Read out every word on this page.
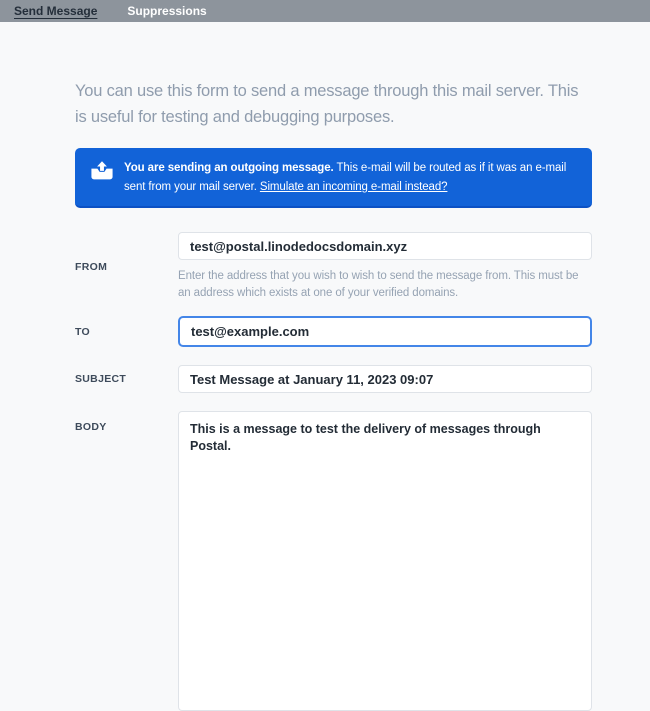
Send Message	Suppressions

You can use this form to send a message through this mail server. This is useful for testing and debugging purposes.

You are sending an outgoing message. This e-mail will be routed as if it was an e-mail sent from your mail server. Simulate an incoming e-mail instead?
FROM
test@postal.linodedocsdomain.xyz
Enter the address that you wish to wish to send the message from. This must be an address which exists at one of your verified domains.
TO
test@example.com
SUBJECT
Test Message at January 11, 2023 09:07
BODY
This is a message to test the delivery of messages through Postal.
